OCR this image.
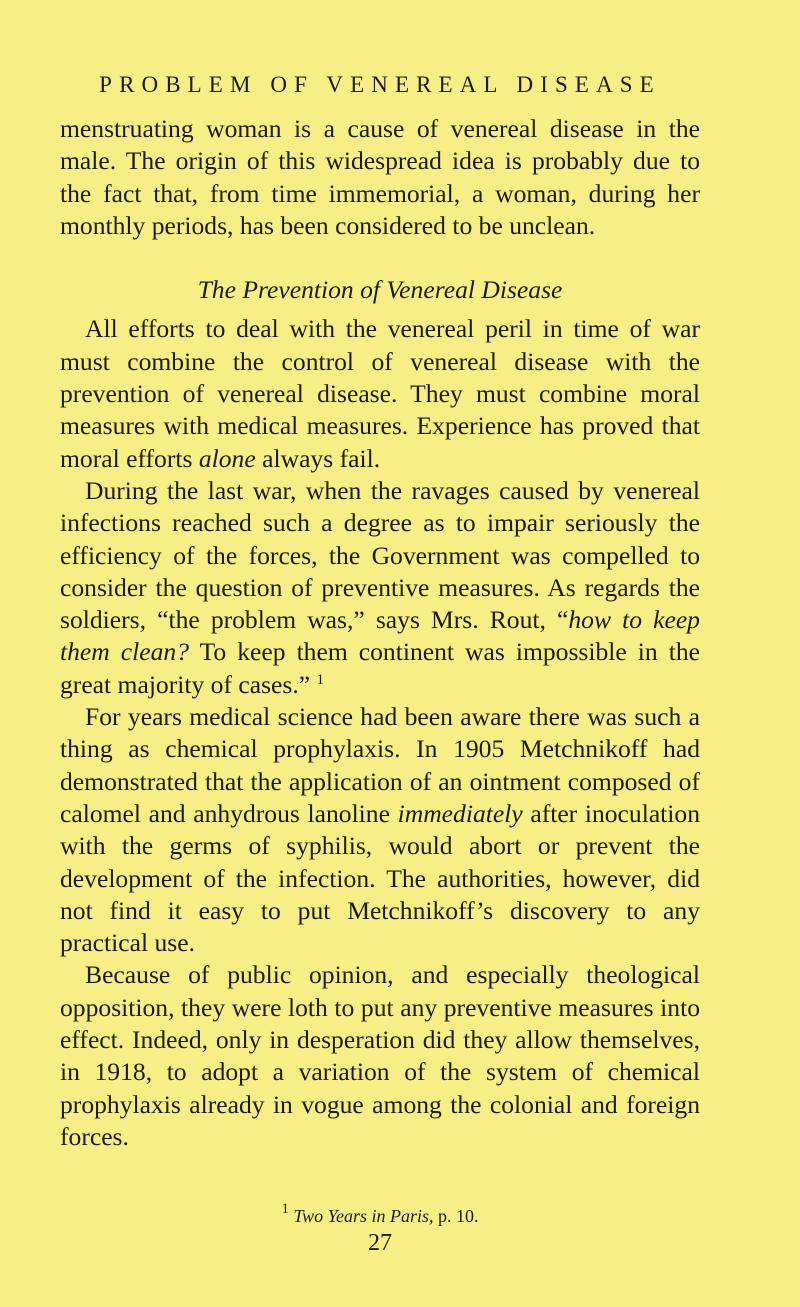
PROBLEM OF VENEREAL DISEASE

menstruating woman is a cause of venereal disease in the male. The origin of this widespread idea is probably due to the fact that, from time immemorial, a woman, during her monthly periods, has been considered to be unclean.

The Prevention of Venereal Disease

All efforts to deal with the venereal peril in time of war must combine the control of venereal disease with the prevention of venereal disease. They must combine moral measures with medical measures. Experience has proved that moral efforts alone always fail.

During the last war, when the ravages caused by venereal infections reached such a degree as to impair seriously the efficiency of the forces, the Government was compelled to consider the question of preventive measures. As regards the soldiers, “the problem was,” says Mrs. Rout, “how to keep them clean? To keep them continent was impossible in the great majority of cases.” $^1$

For years medical science had been aware there was such a thing as chemical prophylaxis. In 1905 Metchnikoff had demonstrated that the application of an ointment composed of calomel and anhydrous lanoline immediately after inoculation with the germs of syphilis, would abort or prevent the development of the infection. The authorities, however, did not find it easy to put Metchnikoff’s discovery to any practical use.

Because of public opinion, and especially theological opposition, they were loth to put any preventive measures into effect. Indeed, only in desperation did they allow themselves, in 1918, to adopt a variation of the system of chemical prophylaxis already in vogue among the colonial and foreign forces.

$^1$ Two Years in Paris, p. 10.
27
